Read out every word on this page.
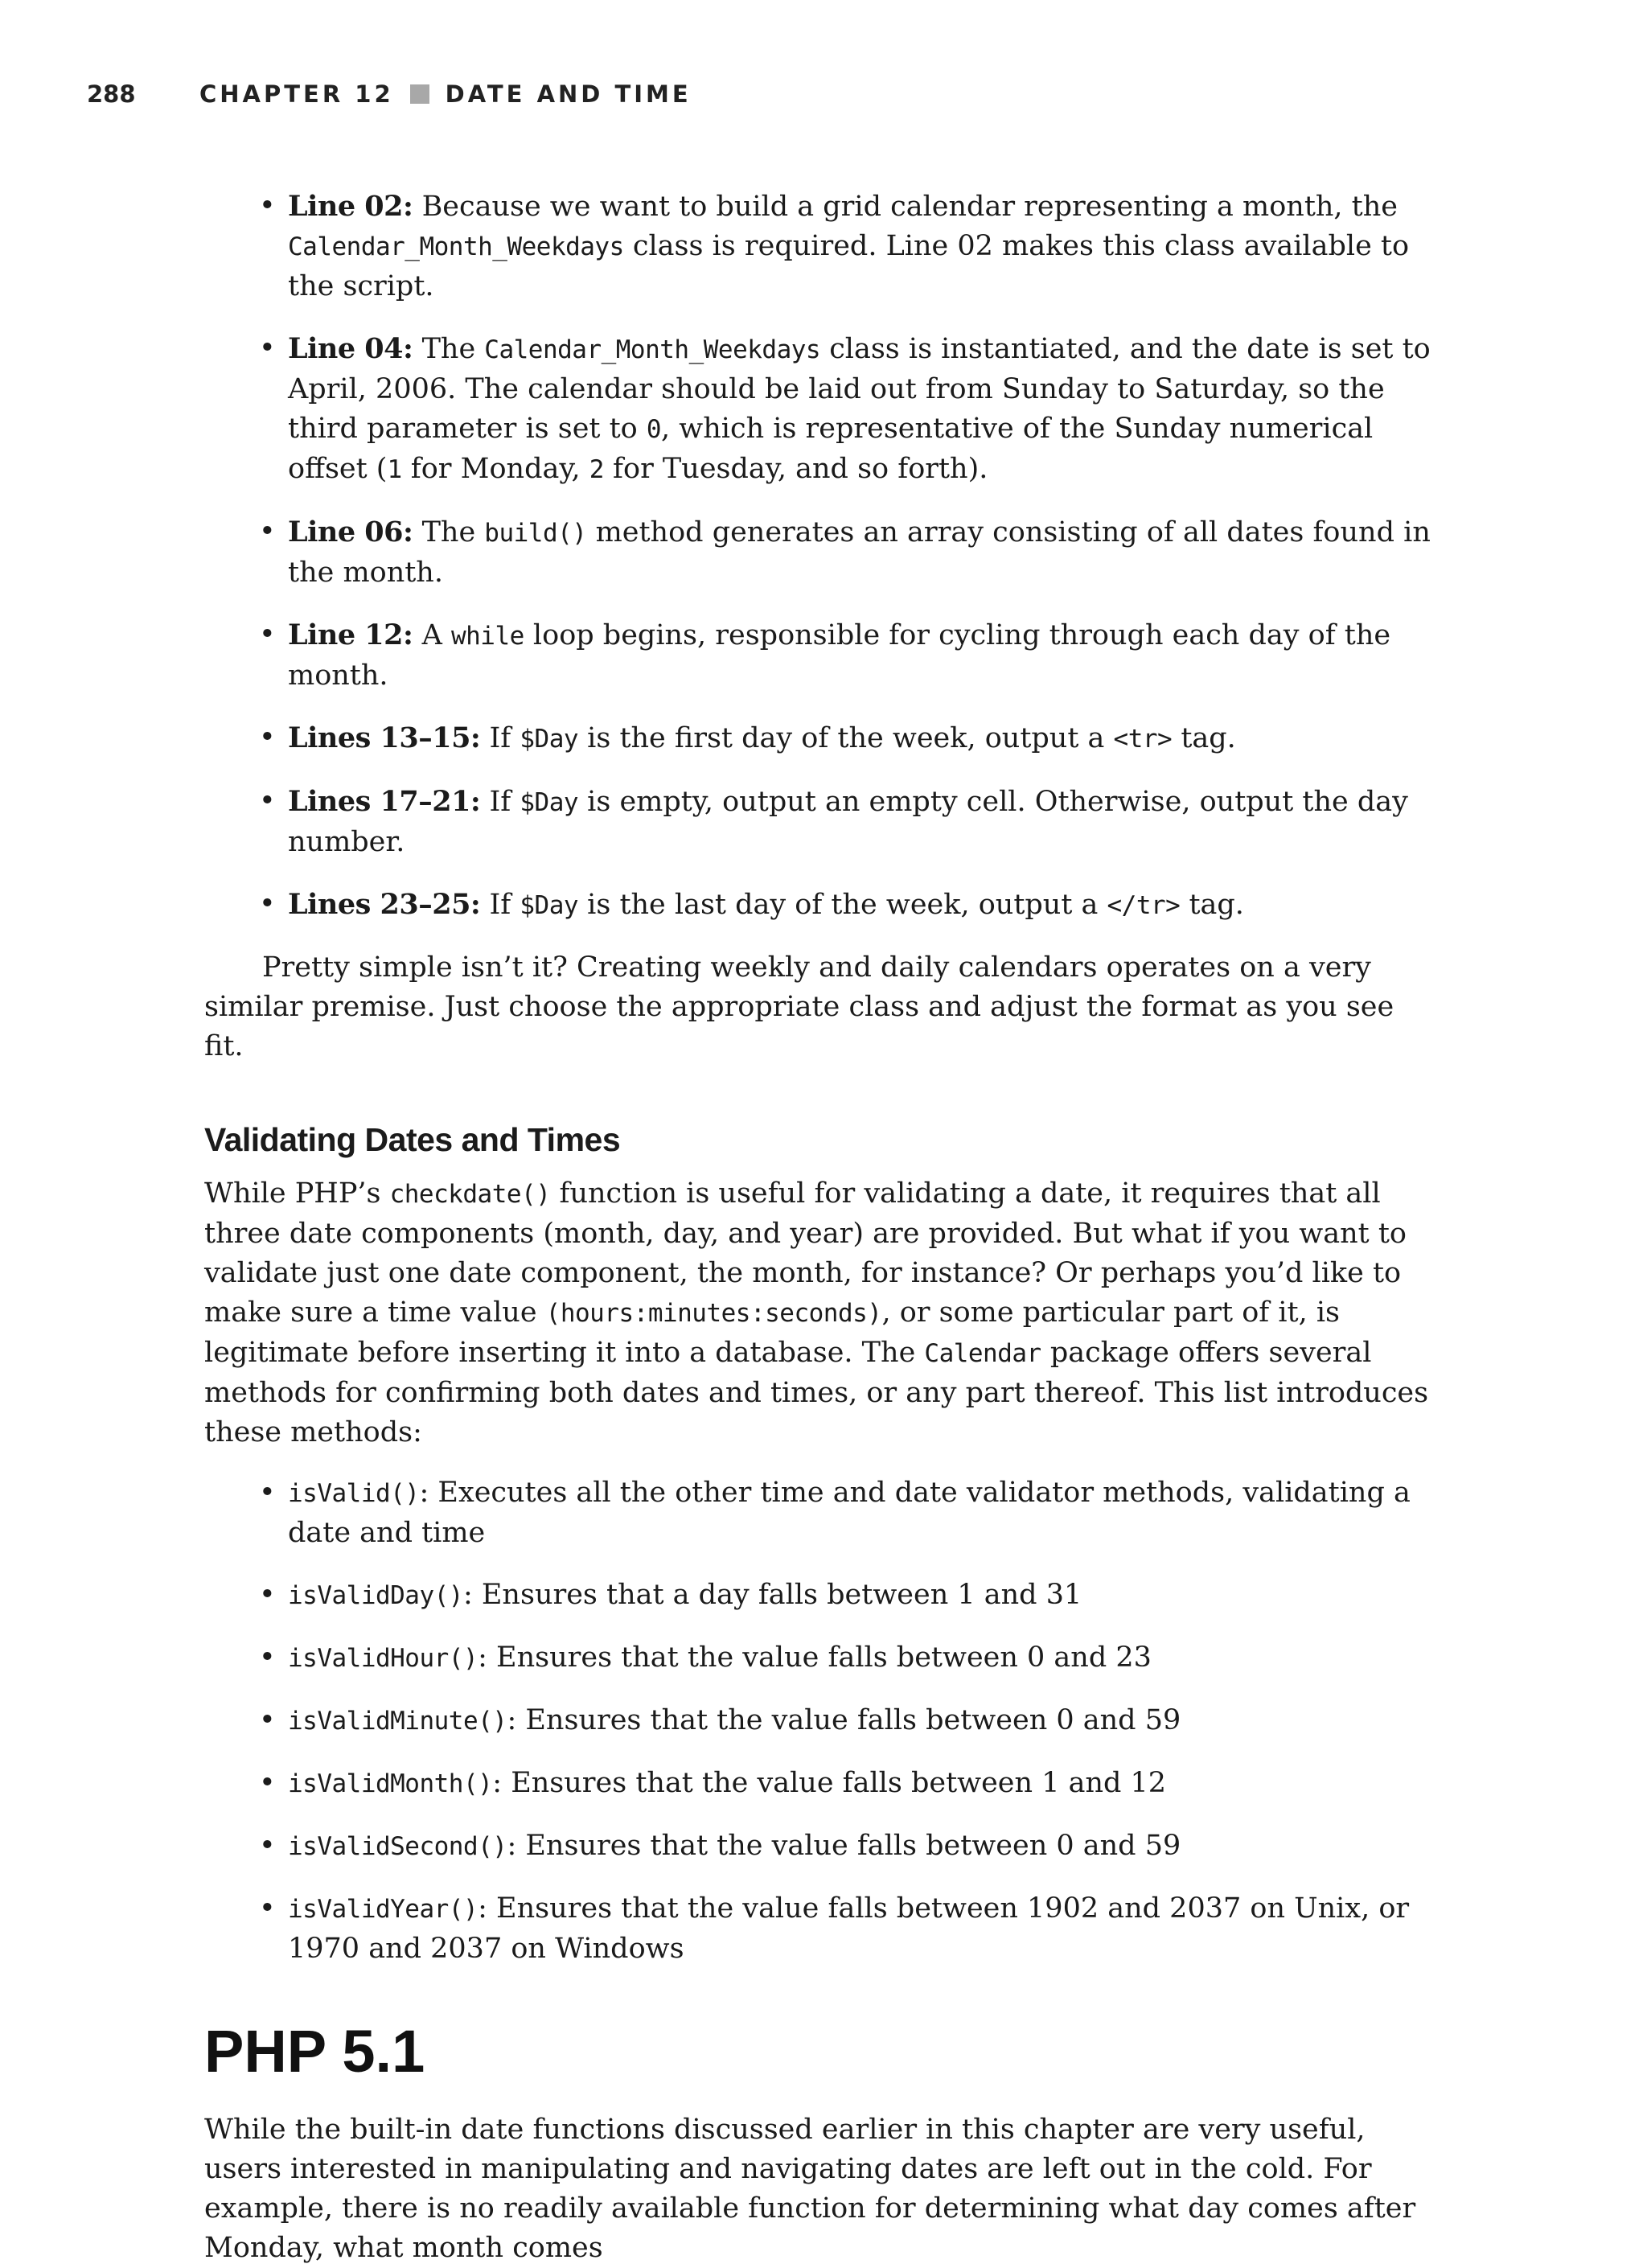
288	CHAPTER 12 DATE AND TIME
• Line 02: Because we want to build a grid calendar representing a month, the Calendar_Month_Weekdays class is required. Line 02 makes this class available to the script.
• Line 04: The Calendar_Month_Weekdays class is instantiated, and the date is set to April, 2006. The calendar should be laid out from Sunday to Saturday, so the third parameter is set to 0, which is representative of the Sunday numerical offset (1 for Monday, 2 for Tuesday, and so forth).
• Line 06: The build() method generates an array consisting of all dates found in the month.
• Line 12: A while loop begins, responsible for cycling through each day of the month.
• Lines 13–15: If $Day is the first day of the week, output a <tr> tag.
• Lines 17–21: If $Day is empty, output an empty cell. Otherwise, output the day number.
• Lines 23–25: If $Day is the last day of the week, output a </tr> tag.

Pretty simple isn’t it? Creating weekly and daily calendars operates on a very similar premise. Just choose the appropriate class and adjust the format as you see fit.

Validating Dates and Times

While PHP’s checkdate() function is useful for validating a date, it requires that all three date components (month, day, and year) are provided. But what if you want to validate just one date component, the month, for instance? Or perhaps you’d like to make sure a time value (hours:minutes:seconds), or some particular part of it, is legitimate before inserting it into a database. The Calendar package offers several methods for confirming both dates and times, or any part thereof. This list introduces these methods:

• isValid(): Executes all the other time and date validator methods, validating a date and time
• isValidDay(): Ensures that a day falls between 1 and 31
• isValidHour(): Ensures that the value falls between 0 and 23
• isValidMinute(): Ensures that the value falls between 0 and 59
• isValidMonth(): Ensures that the value falls between 1 and 12
• isValidSecond(): Ensures that the value falls between 0 and 59
• isValidYear(): Ensures that the value falls between 1902 and 2037 on Unix, or 1970 and 2037 on Windows
PHP 5.1

While the built-in date functions discussed earlier in this chapter are very useful, users interested in manipulating and navigating dates are left out in the cold. For example, there is no readily available function for determining what day comes after Monday, what month comes
